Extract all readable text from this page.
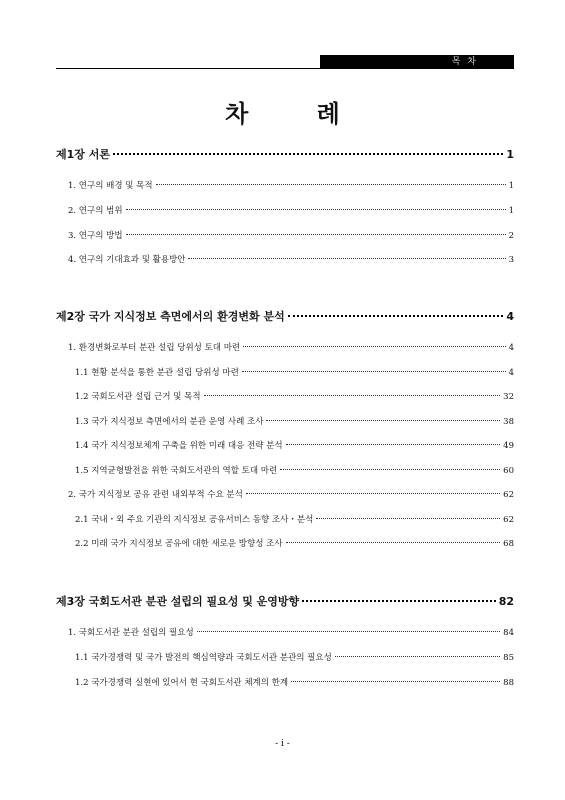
목 차
차 례
제1장 서론	1
1. 연구의 배경 및 목적	1
2. 연구의 범위	1
3. 연구의 방법	2
4. 연구의 기대효과 및 활용방안	3
제2장 국가 지식정보 측면에서의 환경변화 분석	4
1. 환경변화로부터 분관 설립 당위성 토대 마련	4
1.1 현황 분석을 통한 분관 설립 당위성 마련	4
1.2 국회도서관 설립 근거 및 목적	32
1.3 국가 지식정보 측면에서의 분관 운영 사례 조사	38
1.4 국가 지식정보체계 구축을 위한 미래 대응 전략 분석	49
1.5 지역균형발전을 위한 국회도서관의 역할 토대 마련	60
2. 국가 지식정보 공유 관련 내외부적 수요 분석	62
2.1 국내・외 주요 기관의 지식정보 공유서비스 동향 조사・분석	62
2.2 미래 국가 지식정보 공유에 대한 새로운 방향성 조사	68
제3장 국회도서관 분관 설립의 필요성 및 운영방향	82
1. 국회도서관 분관 설립의 필요성	84
1.1 국가경쟁력 및 국가 발전의 핵심역량과 국회도서관 분관의 필요성	85
1.2 국가경쟁력 실현에 있어서 현 국회도서관 체계의 한계	88
- i -
